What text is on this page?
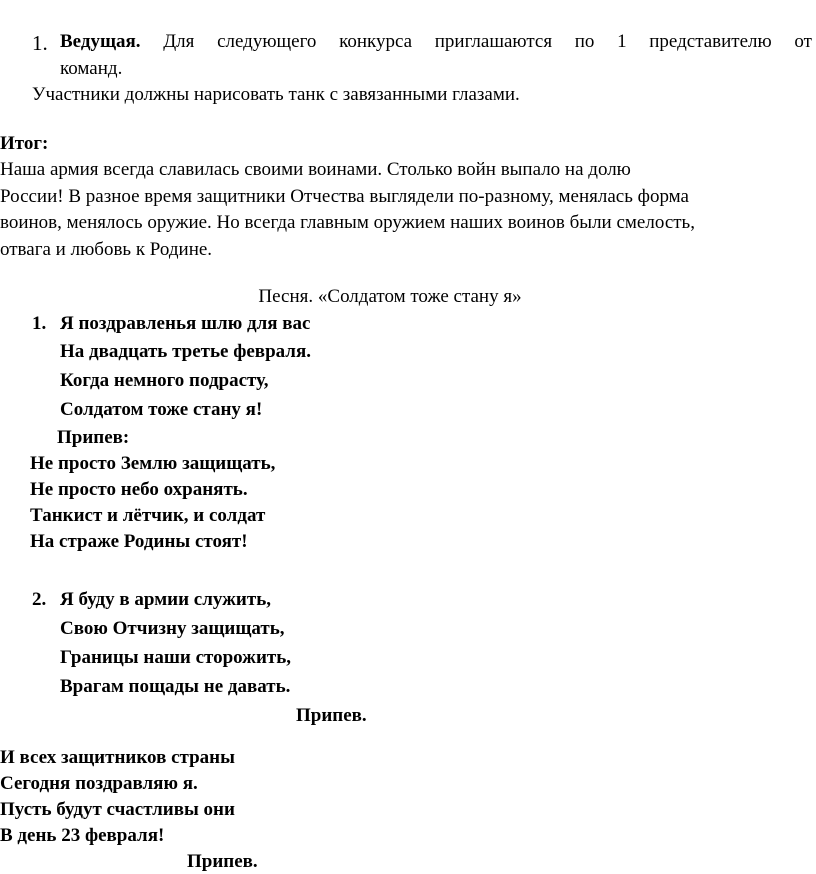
1. Ведущая. Для следующего конкурса приглашаются по 1 представителю от
команд.
Участники должны нарисовать танк с завязанными глазами.
Итог:
Наша армия всегда славилась своими воинами. Столько войн выпало на долю
России! В разное время защитники Отчества выглядели по-разному, менялась форма
воинов, менялось оружие. Но всегда главным оружием наших воинов были смелость,
отвага и любовь к Родине.
Песня. «Солдатом тоже стану я»
1. Я поздравленья шлю для вас
На двадцать третье февраля.
Когда немного подрасту,
Солдатом тоже стану я!
Припев:
Не просто Землю защищать,
Не просто небо охранять.
Танкист и лётчик, и солдат
На страже Родины стоят!
2. Я буду в армии служить,
Свою Отчизну защищать,
Границы наши сторожить,
Врагам пощады не давать.
Припев.
И всех защитников страны
Сегодня поздравляю я.
Пусть будут счастливы они
В день 23 февраля!
Припев.
